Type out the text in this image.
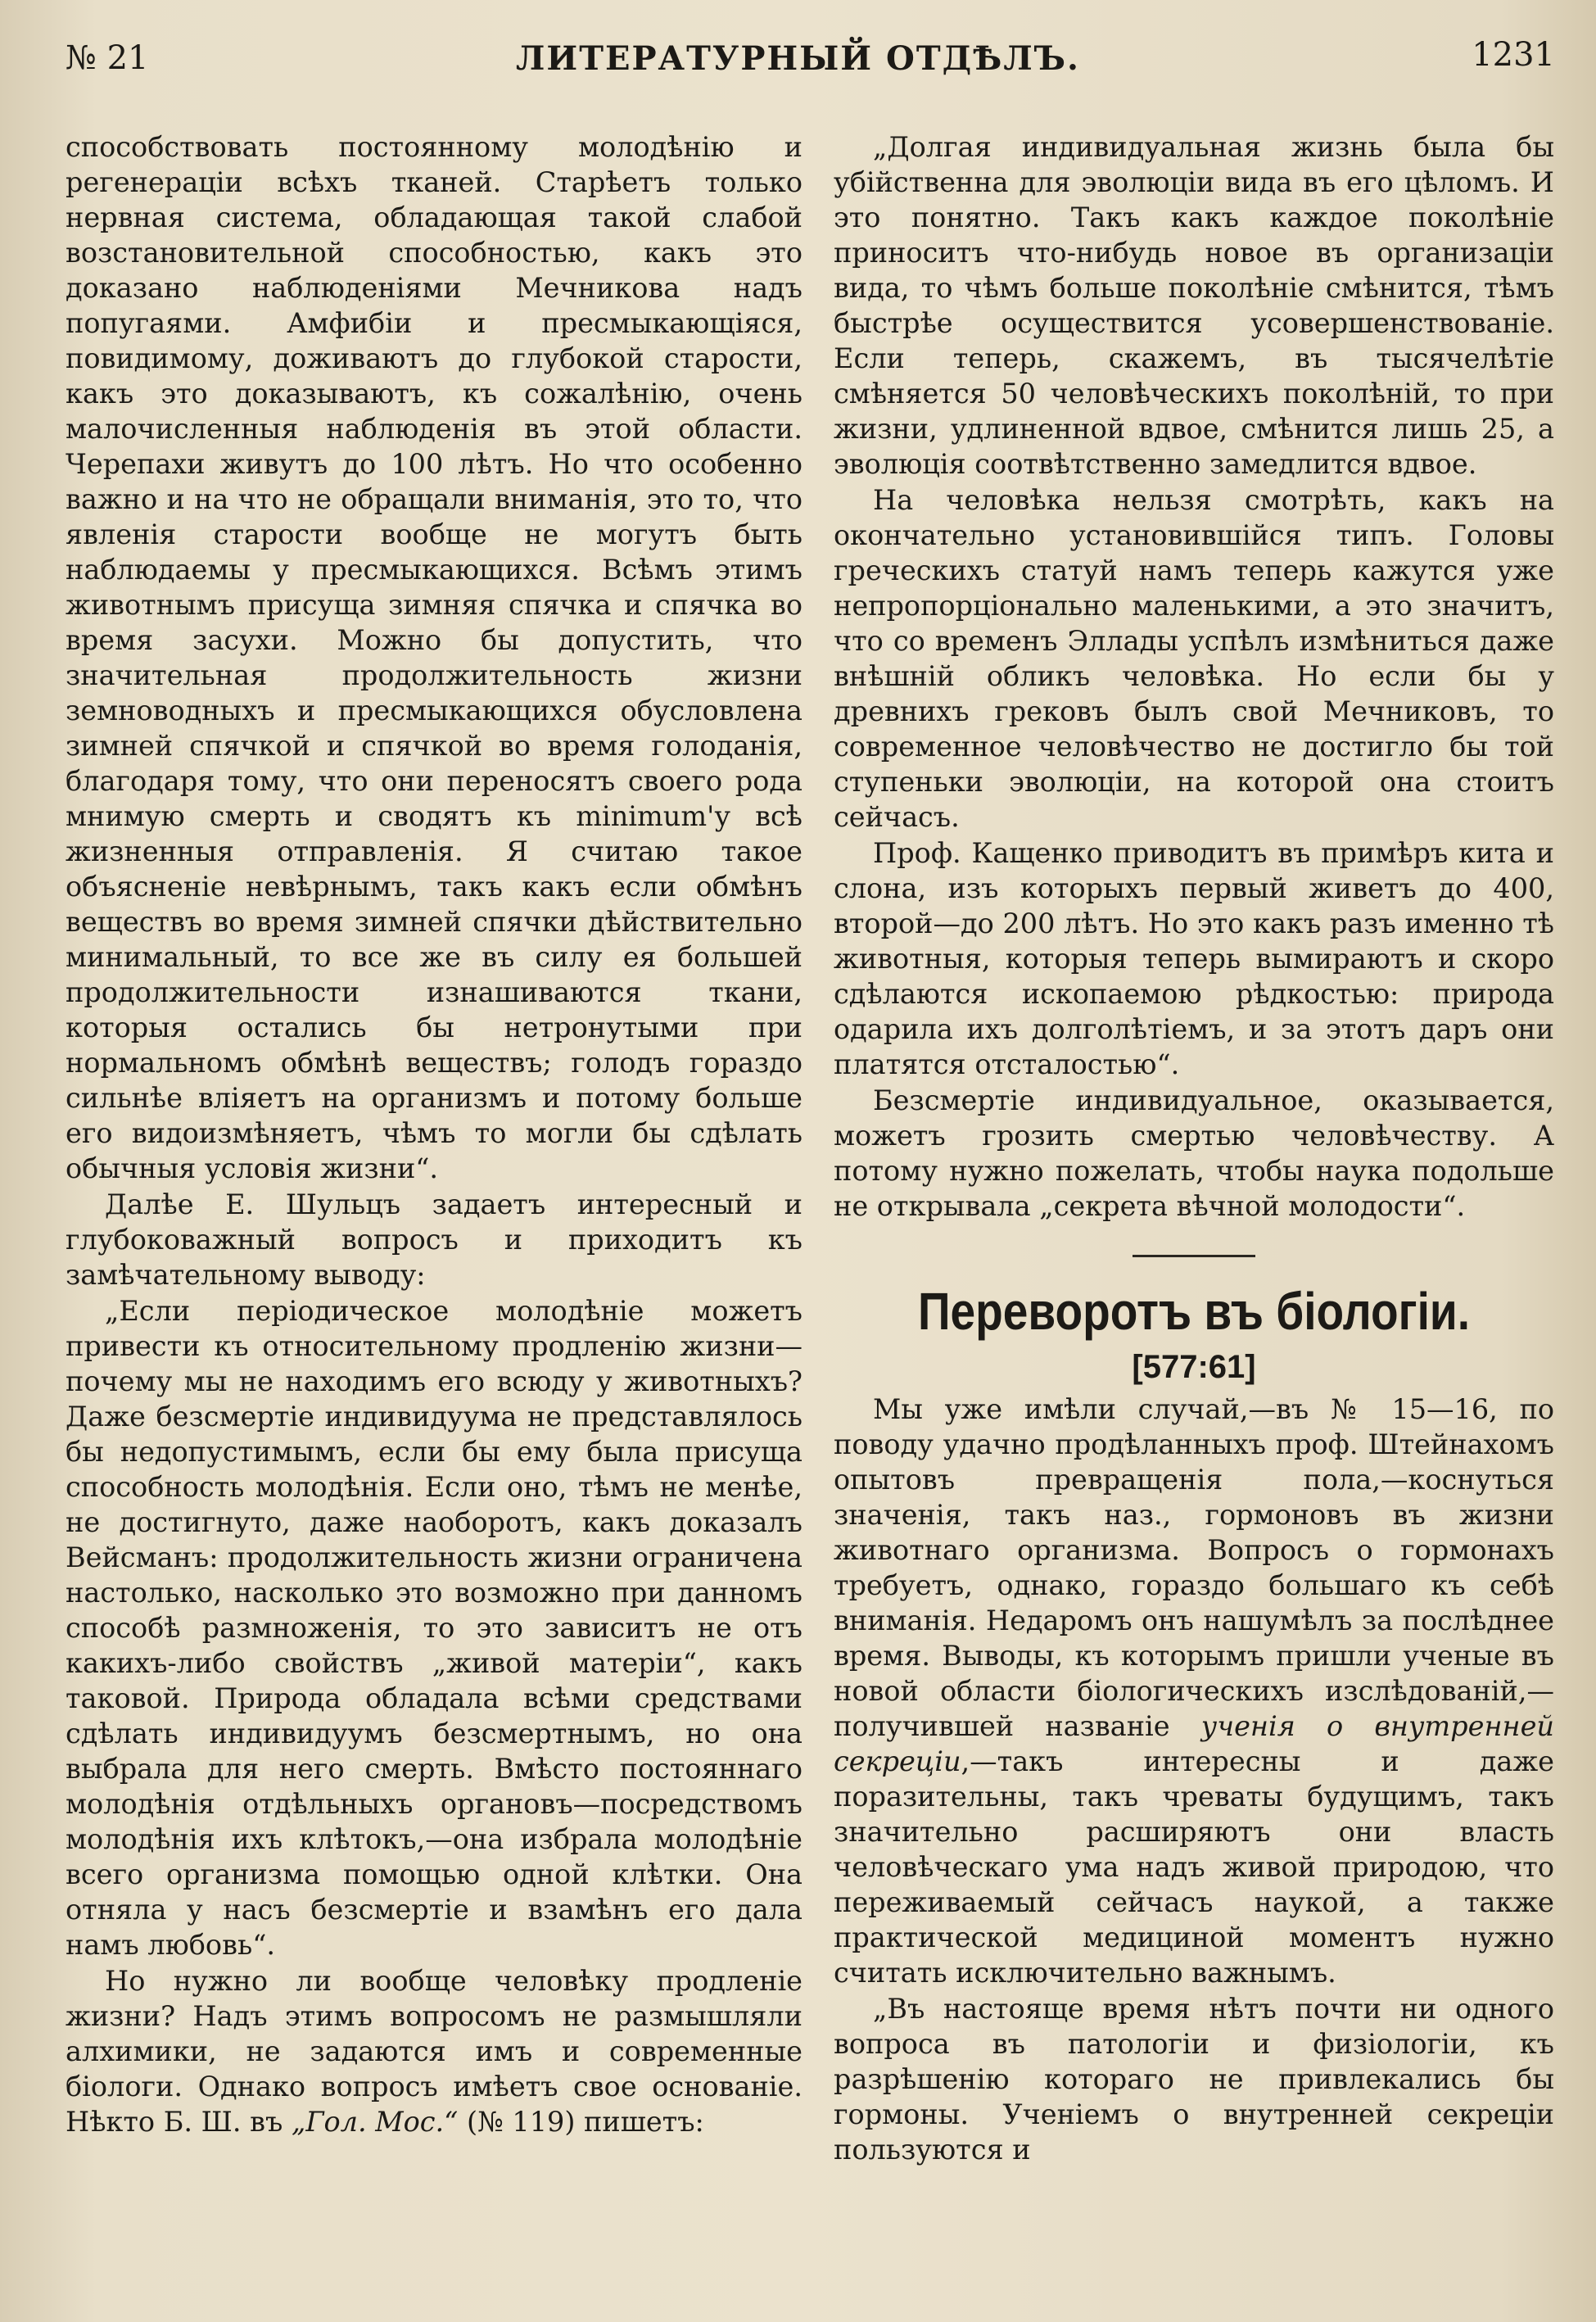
№ 21	ЛИТЕРАТУРНЫЙ ОТДѢЛЪ.	1231

способствовать постоянному молодѣнію и регенераціи всѣхъ тканей. Старѣетъ только нервная система, обладающая такой слабой возстановительной способностью, какъ это доказано наблюденіями Мечникова надъ попугаями. Амфибіи и пресмыкающіяся, повидимому, доживаютъ до глубокой старости, какъ это доказываютъ, къ сожалѣнію, очень малочисленныя наблюденія въ этой области. Черепахи живутъ до 100 лѣтъ. Но что особенно важно и на что не обращали вниманія, это то, что явленія старости вообще не могутъ быть наблюдаемы у пресмыкающихся. Всѣмъ этимъ животнымъ присуща зимняя спячка и спячка во время засухи. Можно бы допустить, что значительная продолжительность жизни земноводныхъ и пресмыкающихся обусловлена зимней спячкой и спячкой во время голоданія, благодаря тому, что они переносятъ своего рода мнимую смерть и сводятъ къ minimum'у всѣ жизненныя отправленія. Я считаю такое объясненіе невѣрнымъ, такъ какъ если обмѣнъ веществъ во время зимней спячки дѣйствительно минимальный, то все же въ силу ея большей продолжительности изнашиваются ткани, которыя остались бы нетронутыми при нормальномъ обмѣнѣ веществъ; голодъ гораздо сильнѣе вліяетъ на организмъ и потому больше его видоизмѣняетъ, чѣмъ то могли бы сдѣлать обычныя условія жизни“.

Далѣе Е. Шульцъ задаетъ интересный и глубоковажный вопросъ и приходитъ къ замѣчательному выводу:

„Если періодическое молодѣніе можетъ привести къ относительному продленію жизни— почему мы не находимъ его всюду у животныхъ? Даже безсмертіе индивидуума не представлялось бы недопустимымъ, если бы ему была присуща способность молодѣнія. Если оно, тѣмъ не менѣе, не достигнуто, даже наоборотъ, какъ доказалъ Вейсманъ: продолжительность жизни ограничена настолько, насколько это возможно при данномъ способѣ размноженія, то это зависитъ не отъ какихъ-либо свойствъ „живой матеріи“, какъ таковой. Природа обладала всѣми средствами сдѣлать индивидуумъ безсмертнымъ, но она выбрала для него смерть. Вмѣсто постояннаго молодѣнія отдѣльныхъ органовъ—посредствомъ молодѣнія ихъ клѣтокъ,—она избрала молодѣніе всего организма помощью одной клѣтки. Она отняла у насъ безсмертіе и взамѣнъ его дала намъ любовь“.

Но нужно ли вообще человѣку продленіе жизни? Надъ этимъ вопросомъ не размышляли алхимики, не задаются имъ и современные біологи. Однако вопросъ имѣетъ свое основаніе. Нѣкто Б. Ш. въ „Гол. Мос.“ (№ 119) пишетъ:

„Долгая индивидуальная жизнь была бы убійственна для эволюціи вида въ его цѣломъ. И это понятно. Такъ какъ каждое поколѣніе приноситъ что-нибудь новое въ организаціи вида, то чѣмъ больше поколѣніе смѣнится, тѣмъ быстрѣе осуществится усовершенствованіе. Если теперь, скажемъ, въ тысячелѣтіе смѣняется 50 человѣческихъ поколѣній, то при жизни, удлиненной вдвое, смѣнится лишь 25, а эволюція соотвѣтственно замедлится вдвое.

На человѣка нельзя смотрѣть, какъ на окончательно установившійся типъ. Головы греческихъ статуй намъ теперь кажутся уже непропорціонально маленькими, а это значитъ, что со временъ Эллады успѣлъ измѣниться даже внѣшній обликъ человѣка. Но если бы у древнихъ грековъ былъ свой Мечниковъ, то современное человѣчество не достигло бы той ступеньки эволюціи, на которой она стоитъ сейчасъ.

Проф. Кащенко приводитъ въ примѣръ кита и слона, изъ которыхъ первый живетъ до 400, второй—до 200 лѣтъ. Но это какъ разъ именно тѣ животныя, которыя теперь вымираютъ и скоро сдѣлаются ископаемою рѣдкостью: природа одарила ихъ долголѣтіемъ, и за этотъ даръ они платятся отсталостью“.

Безсмертіе индивидуальное, оказывается, можетъ грозить смертью человѣчеству. А потому нужно пожелать, чтобы наука подольше не открывала „секрета вѣчной молодости“.

Переворотъ въ біологіи.
[577:61]

Мы уже имѣли случай,—въ № 15—16, по поводу удачно продѣланныхъ проф. Штейнахомъ опытовъ превращенія пола,—коснуться значенія, такъ наз., гормоновъ въ жизни животнаго организма. Вопросъ о гормонахъ требуетъ, однако, гораздо большаго къ себѣ вниманія. Недаромъ онъ нашумѣлъ за послѣднее время. Выводы, къ которымъ пришли ученые въ новой области біологическихъ изслѣдованій,—получившей названіе ученія о внутренней секреціи,—такъ интересны и даже поразительны, такъ чреваты будущимъ, такъ значительно расширяютъ они власть человѣческаго ума надъ живой природою, что переживаемый сейчасъ наукой, а также практической медициной моментъ нужно считать исключительно важнымъ.

„Въ настояще время нѣтъ почти ни одного вопроса въ патологіи и физіологіи, къ разрѣшенію котораго не привлекались бы гормоны. Ученіемъ о внутренней секреціи пользуются и
